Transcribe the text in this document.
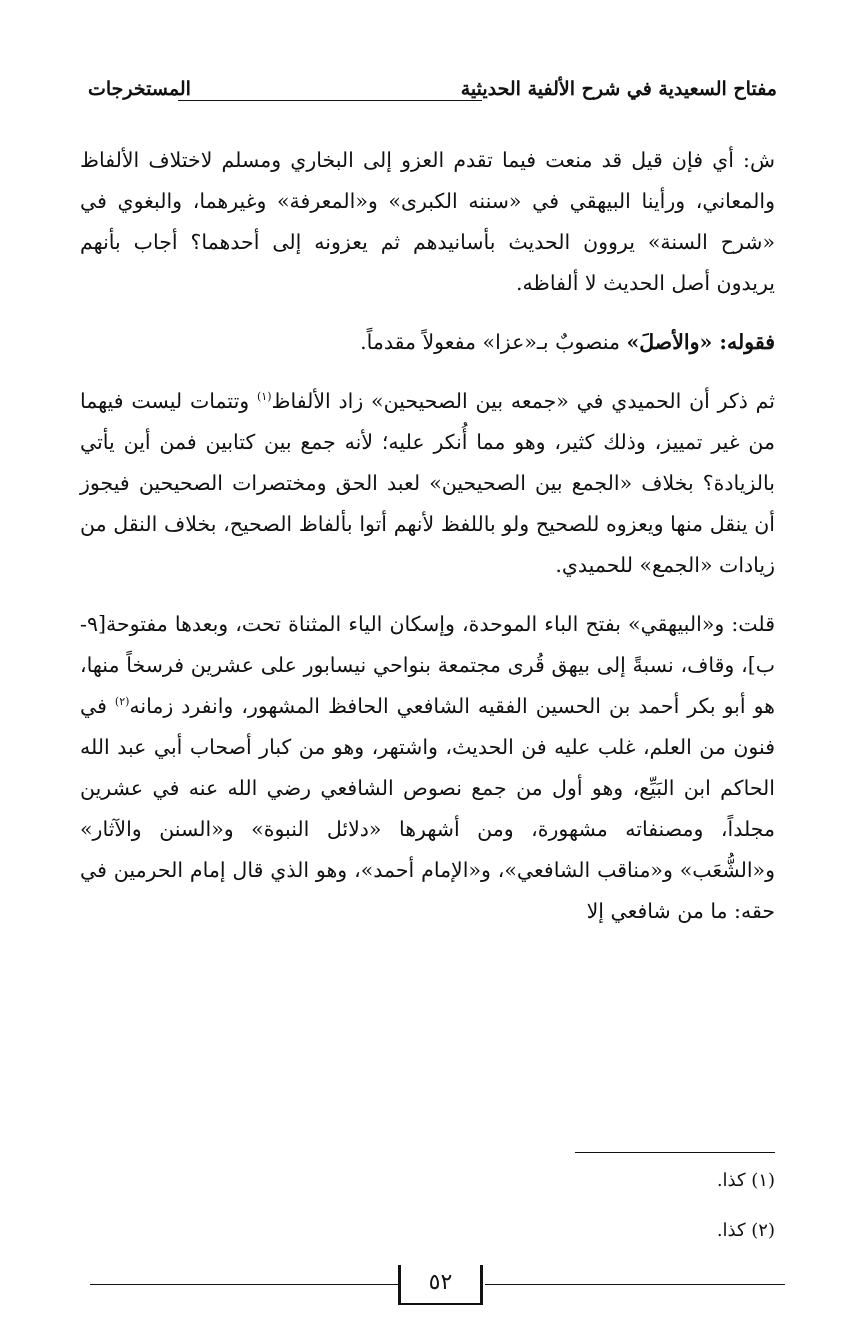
مفتاح السعيدية في شرح الألفية الحديثية
المستخرجات

ش: أي فإن قيل قد منعت فيما تقدم العزو إلى البخاري ومسلم لاختلاف الألفاظ والمعاني، ورأينا البيهقي في «سننه الكبرى» و«المعرفة» وغيرهما، والبغوي في «شرح السنة» يروون الحديث بأسانيدهم ثم يعزونه إلى أحدهما؟ أجاب بأنهم يريدون أصل الحديث لا ألفاظه.

فقوله: «والأصلَ» منصوبٌ بـ«عزا» مفعولاً مقدماً.

ثم ذكر أن الحميدي في «جمعه بين الصحيحين» زاد الألفاظ$^{(١)}$ وتتمات ليست فيهما من غير تمييز، وذلك كثير، وهو مما أُنكر عليه؛ لأنه جمع بين كتابين فمن أين يأتي بالزيادة؟ بخلاف «الجمع بين الصحيحين» لعبد الحق ومختصرات الصحيحين فيجوز أن ينقل منها ويعزوه للصحيح ولو باللفظ لأنهم أتوا بألفاظ الصحيح، بخلاف النقل من زيادات «الجمع» للحميدي.

قلت: و«البيهقي» بفتح الباء الموحدة، وإسكان الياء المثناة تحت، وبعدها مفتوحة[٩-ب]، وقاف، نسبةً إلى بيهق قُرى مجتمعة بنواحي نيسابور على عشرين فرسخاً منها، هو أبو بكر أحمد بن الحسين الفقيه الشافعي الحافظ المشهور، وانفرد زمانه$^{(٢)}$ في فنون من العلم، غلب عليه فن الحديث، واشتهر، وهو من كبار أصحاب أبي عبد الله الحاكم ابن البَيِّع، وهو أول من جمع نصوص الشافعي رضي الله عنه في عشرين مجلداً، ومصنفاته مشهورة، ومن أشهرها «دلائل النبوة» و«السنن والآثار» و«الشُّعَب» و«مناقب الشافعي»، و«الإمام أحمد»، وهو الذي قال إمام الحرمين في حقه: ما من شافعي إلا

(١) كذا.
(٢) كذا.
٥٢
